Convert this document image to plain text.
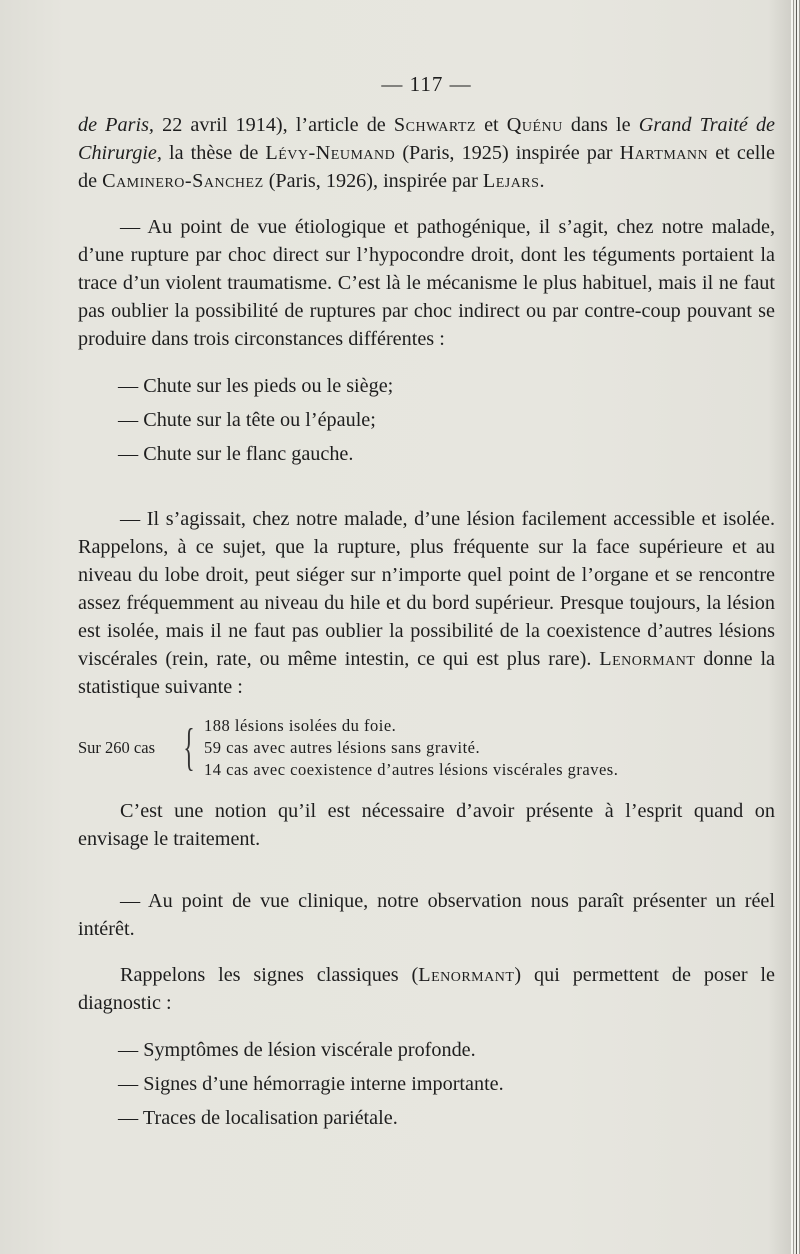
— 117 —

de Paris, 22 avril 1914), l’article de Schwartz et Quénu dans le Grand Traité de Chirurgie, la thèse de Lévy-Neumand (Paris, 1925) inspirée par Hartmann et celle de Caminero-Sanchez (Paris, 1926), inspirée par Lejars.

— Au point de vue étiologique et pathogénique, il s’agit, chez notre malade, d’une rupture par choc direct sur l’hypocondre droit, dont les téguments portaient la trace d’un violent traumatisme. C’est là le mécanisme le plus habituel, mais il ne faut pas oublier la possibilité de ruptures par choc indirect ou par contre-coup pouvant se produire dans trois circonstances différentes :

— Chute sur les pieds ou le siège;
— Chute sur la tête ou l’épaule;
— Chute sur le flanc gauche.

— Il s’agissait, chez notre malade, d’une lésion facilement accessible et isolée. Rappelons, à ce sujet, que la rupture, plus fréquente sur la face supérieure et au niveau du lobe droit, peut siéger sur n’importe quel point de l’organe et se rencontre assez fréquemment au niveau du hile et du bord supérieur. Presque toujours, la lésion est isolée, mais il ne faut pas oublier la possibilité de la coexistence d’autres lésions viscérales (rein, rate, ou même intestin, ce qui est plus rare). Lenormant donne la statistique suivante :

Sur 260 cas { 188 lésions isolées du foie.
59 cas avec autres lésions sans gravité.
14 cas avec coexistence d’autres lésions viscérales graves.

C’est une notion qu’il est nécessaire d’avoir présente à l’esprit quand on envisage le traitement.

— Au point de vue clinique, notre observation nous paraît présenter un réel intérêt.

Rappelons les signes classiques (Lenormant) qui permettent de poser le diagnostic :

— Symptômes de lésion viscérale profonde.
— Signes d’une hémorragie interne importante.
— Traces de localisation pariétale.
